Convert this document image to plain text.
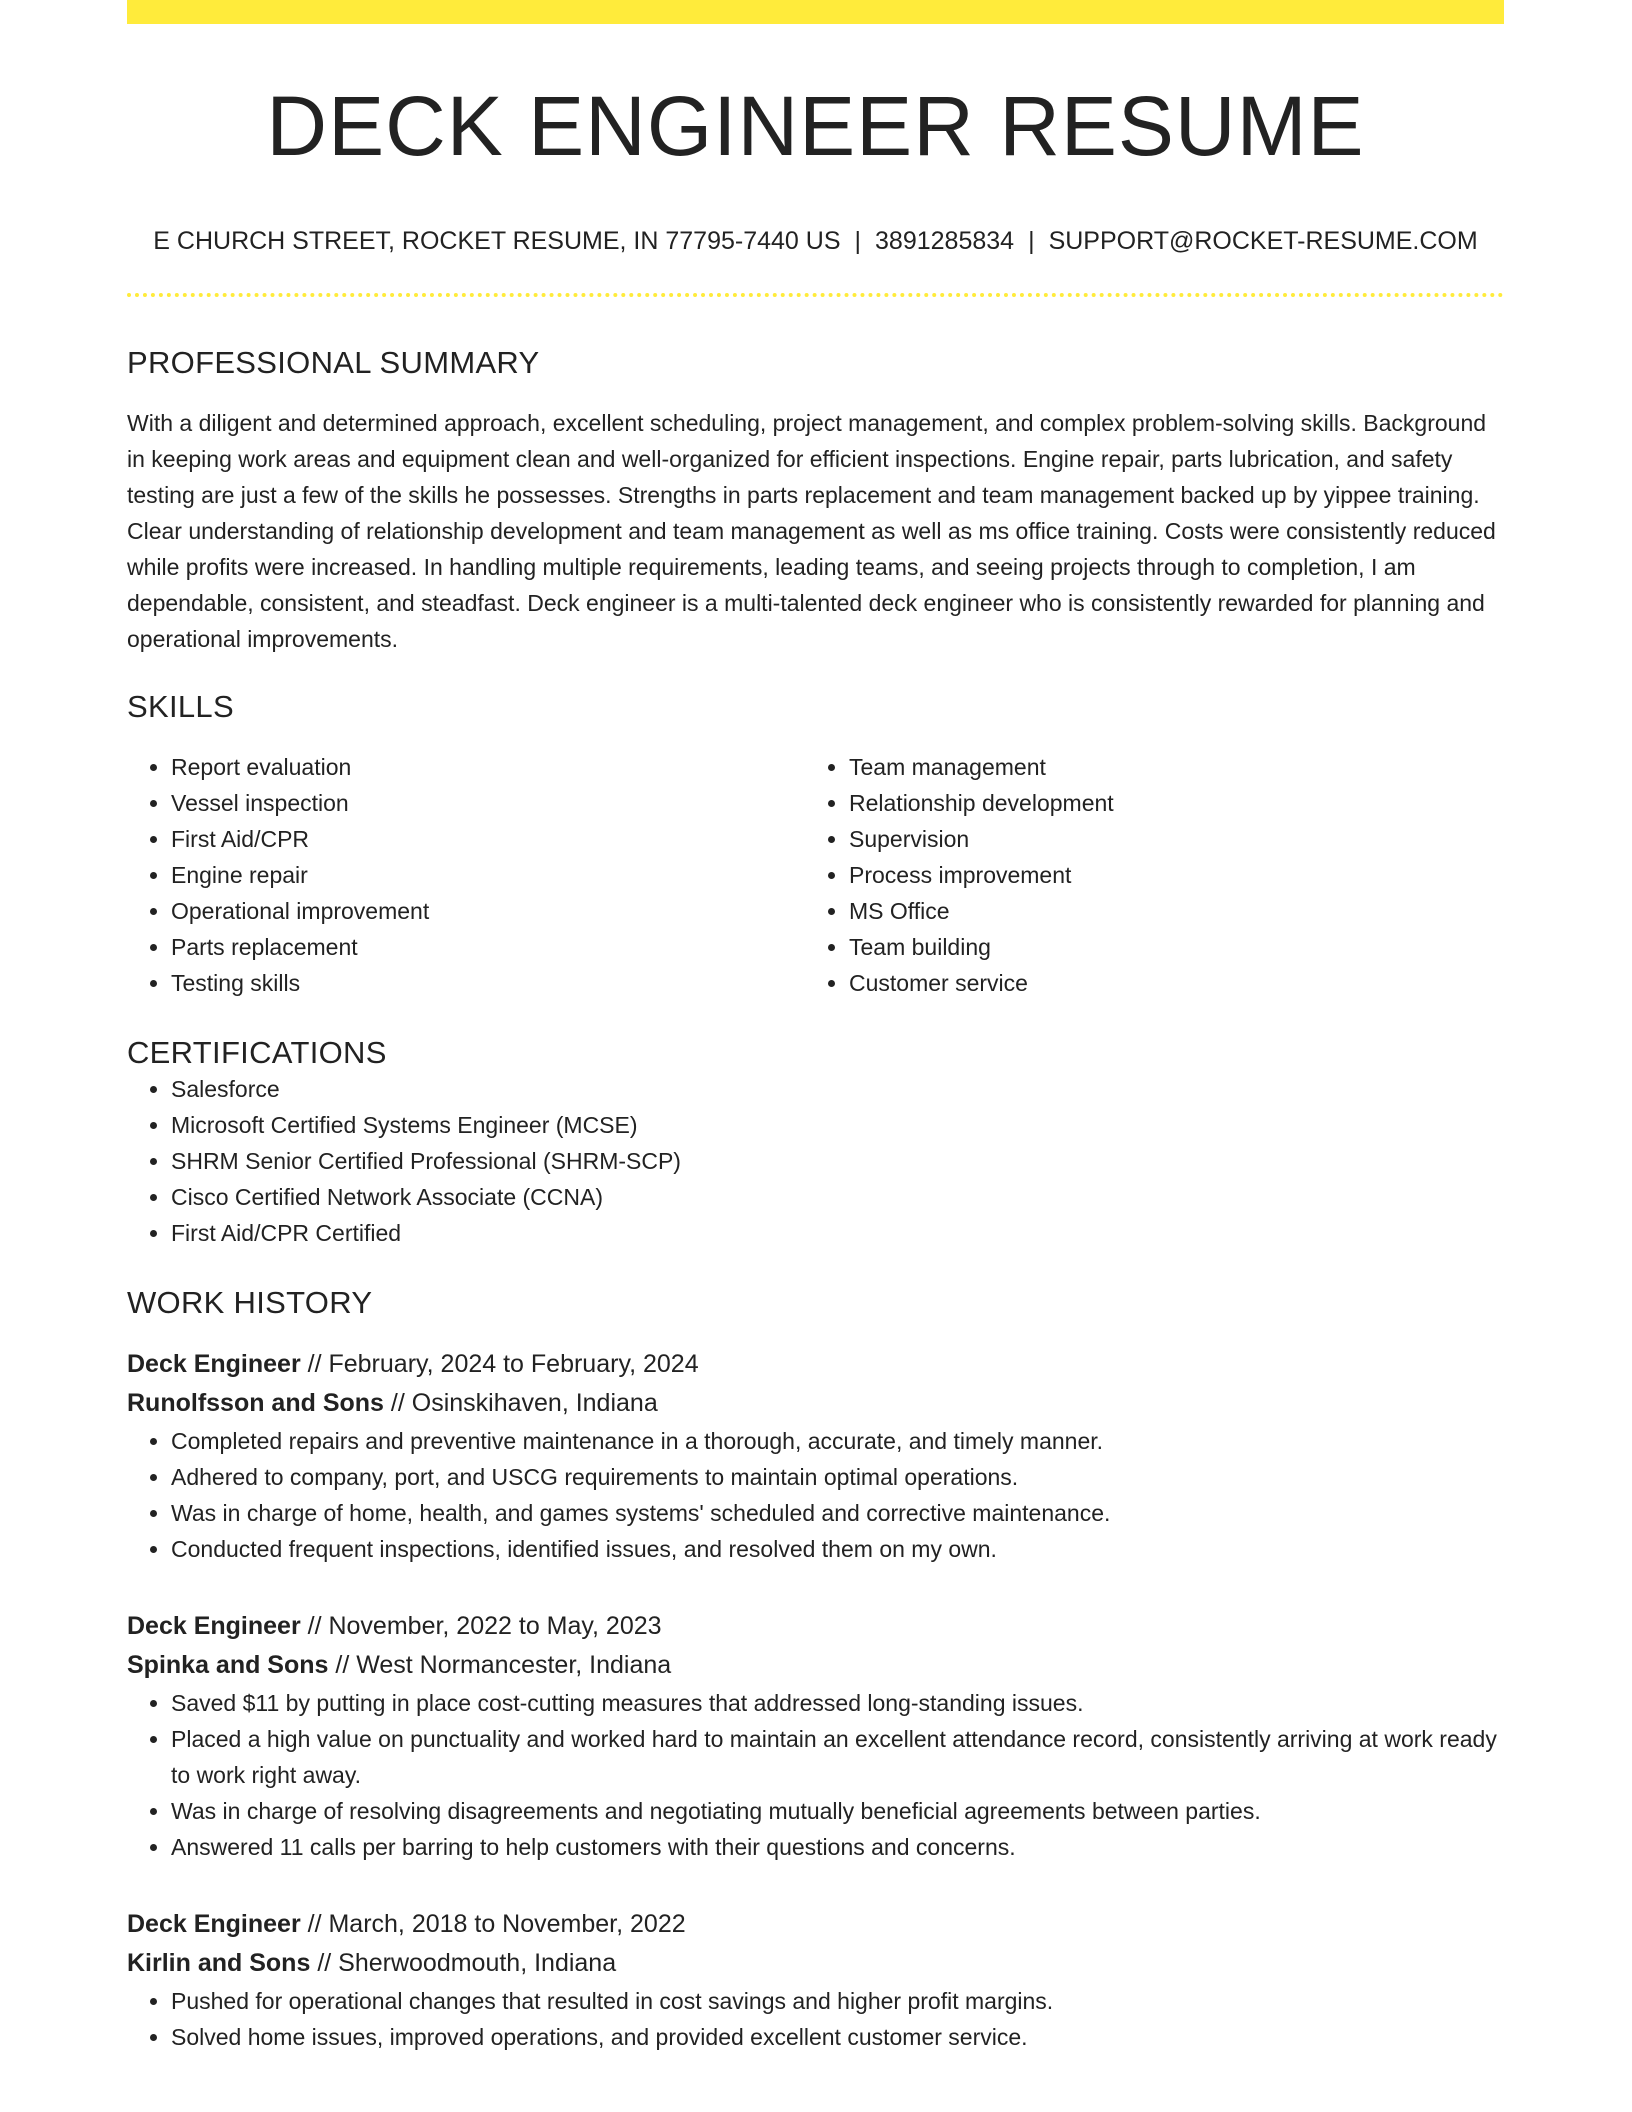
DECK ENGINEER RESUME
E CHURCH STREET, ROCKET RESUME, IN 77795-7440 US | 3891285834 | SUPPORT@ROCKET-RESUME.COM
PROFESSIONAL SUMMARY
With a diligent and determined approach, excellent scheduling, project management, and complex problem-solving skills. Background in keeping work areas and equipment clean and well-organized for efficient inspections. Engine repair, parts lubrication, and safety testing are just a few of the skills he possesses. Strengths in parts replacement and team management backed up by yippee training. Clear understanding of relationship development and team management as well as ms office training. Costs were consistently reduced while profits were increased. In handling multiple requirements, leading teams, and seeing projects through to completion, I am dependable, consistent, and steadfast. Deck engineer is a multi-talented deck engineer who is consistently rewarded for planning and operational improvements.
SKILLS
• Report evaluation
• Vessel inspection
• First Aid/CPR
• Engine repair
• Operational improvement
• Parts replacement
• Testing skills
• Team management
• Relationship development
• Supervision
• Process improvement
• MS Office
• Team building
• Customer service
CERTIFICATIONS
• Salesforce
• Microsoft Certified Systems Engineer (MCSE)
• SHRM Senior Certified Professional (SHRM-SCP)
• Cisco Certified Network Associate (CCNA)
• First Aid/CPR Certified
WORK HISTORY
Deck Engineer // February, 2024 to February, 2024
Runolfsson and Sons // Osinskihaven, Indiana
• Completed repairs and preventive maintenance in a thorough, accurate, and timely manner.
• Adhered to company, port, and USCG requirements to maintain optimal operations.
• Was in charge of home, health, and games systems' scheduled and corrective maintenance.
• Conducted frequent inspections, identified issues, and resolved them on my own.
Deck Engineer // November, 2022 to May, 2023
Spinka and Sons // West Normancester, Indiana
• Saved $11 by putting in place cost-cutting measures that addressed long-standing issues.
• Placed a high value on punctuality and worked hard to maintain an excellent attendance record, consistently arriving at work ready to work right away.
• Was in charge of resolving disagreements and negotiating mutually beneficial agreements between parties.
• Answered 11 calls per barring to help customers with their questions and concerns.
Deck Engineer // March, 2018 to November, 2022
Kirlin and Sons // Sherwoodmouth, Indiana
• Pushed for operational changes that resulted in cost savings and higher profit margins.
• Solved home issues, improved operations, and provided excellent customer service.
